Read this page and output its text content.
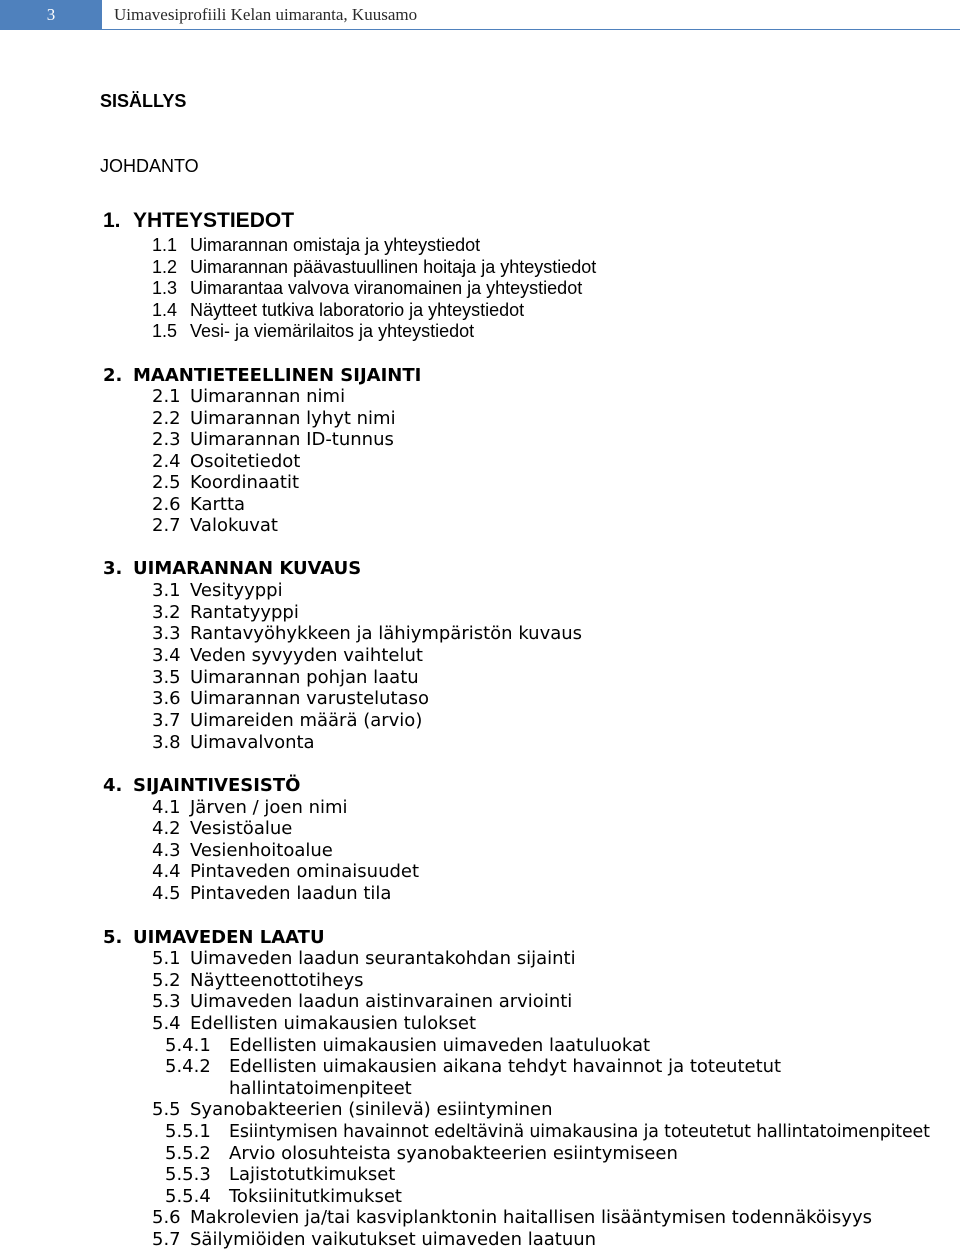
3	Uimavesiprofiili Kelan uimaranta, Kuusamo
SISÄLLYS
JOHDANTO
1. YHTEYSTIEDOT
1.1 Uimarannan omistaja ja yhteystiedot
1.2 Uimarannan päävastuullinen hoitaja ja yhteystiedot
1.3 Uimarantaa valvova viranomainen ja yhteystiedot
1.4 Näytteet tutkiva laboratorio ja yhteystiedot
1.5 Vesi- ja viemärilaitos ja yhteystiedot
2. MAANTIETEELLINEN SIJAINTI
2.1 Uimarannan nimi
2.2 Uimarannan lyhyt nimi
2.3 Uimarannan ID-tunnus
2.4 Osoitetiedot
2.5 Koordinaatit
2.6 Kartta
2.7 Valokuvat
3. UIMARANNAN KUVAUS
3.1 Vesityyppi
3.2 Rantatyyppi
3.3 Rantavyöhykkeen ja lähiympäristön kuvaus
3.4 Veden syvyyden vaihtelut
3.5 Uimarannan pohjan laatu
3.6 Uimarannan varustelutaso
3.7 Uimareiden määrä (arvio)
3.8 Uimavalvonta
4. SIJAINTIVESISTÖ
4.1 Järven / joen nimi
4.2 Vesistöalue
4.3 Vesienhoitoalue
4.4 Pintaveden ominaisuudet
4.5 Pintaveden laadun tila
5. UIMAVEDEN LAATU
5.1 Uimaveden laadun seurantakohdan sijainti
5.2 Näytteenottotiheys
5.3 Uimaveden laadun aistinvarainen arviointi
5.4 Edellisten uimakausien tulokset
5.4.1 Edellisten uimakausien uimaveden laatuluokat
5.4.2 Edellisten uimakausien aikana tehdyt havainnot ja toteutetut
hallintatoimenpiteet
5.5 Syanobakteerien (sinilevä) esiintyminen
5.5.1 Esiintymisen havainnot edeltävinä uimakausina ja toteutetut hallintatoimenpiteet
5.5.2 Arvio olosuhteista syanobakteerien esiintymiseen
5.5.3 Lajistotutkimukset
5.5.4 Toksiinitutkimukset
5.6 Makrolevien ja/tai kasviplanktonin haitallisen lisääntymisen todennäköisyys
5.7 Säilymiöiden vaikutukset uimaveden laatuun
